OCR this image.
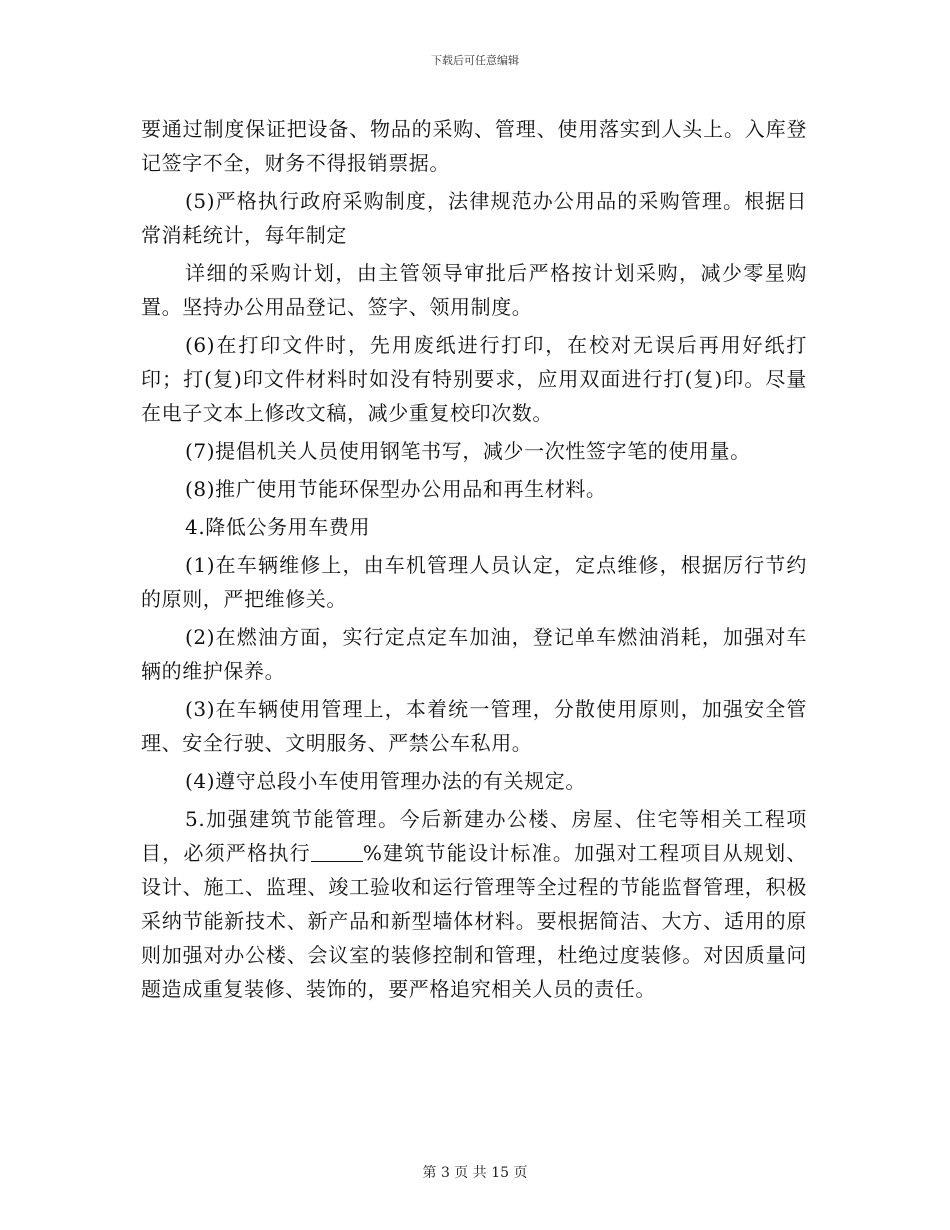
下载后可任意编辑

要通过制度保证把设备、物品的采购、管理、使用落实到人头上。入库登记签字不全，财务不得报销票据。

(5)严格执行政府采购制度，法律规范办公用品的采购管理。根据日常消耗统计，每年制定

详细的采购计划，由主管领导审批后严格按计划采购，减少零星购置。坚持办公用品登记、签字、领用制度。

(6)在打印文件时，先用废纸进行打印，在校对无误后再用好纸打印；打(复)印文件材料时如没有特别要求，应用双面进行打(复)印。尽量在电子文本上修改文稿，减少重复校印次数。

(7)提倡机关人员使用钢笔书写，减少一次性签字笔的使用量。

(8)推广使用节能环保型办公用品和再生材料。

4.降低公务用车费用

(1)在车辆维修上，由车机管理人员认定，定点维修，根据厉行节约的原则，严把维修关。

(2)在燃油方面，实行定点定车加油，登记单车燃油消耗，加强对车辆的维护保养。

(3)在车辆使用管理上，本着统一管理，分散使用原则，加强安全管理、安全行驶、文明服务、严禁公车私用。

(4)遵守总段小车使用管理办法的有关规定。

5.加强建筑节能管理。今后新建办公楼、房屋、住宅等相关工程项目，必须严格执行	%建筑节能设计标准。加强对工程项目从规划、设计、施工、监理、竣工验收和运行管理等全过程的节能监督管理，积极采纳节能新技术、新产品和新型墙体材料。要根据简洁、大方、适用的原则加强对办公楼、会议室的装修控制和管理，杜绝过度装修。对因质量问题造成重复装修、装饰的，要严格追究相关人员的责任。

第 3 页 共 15 页
